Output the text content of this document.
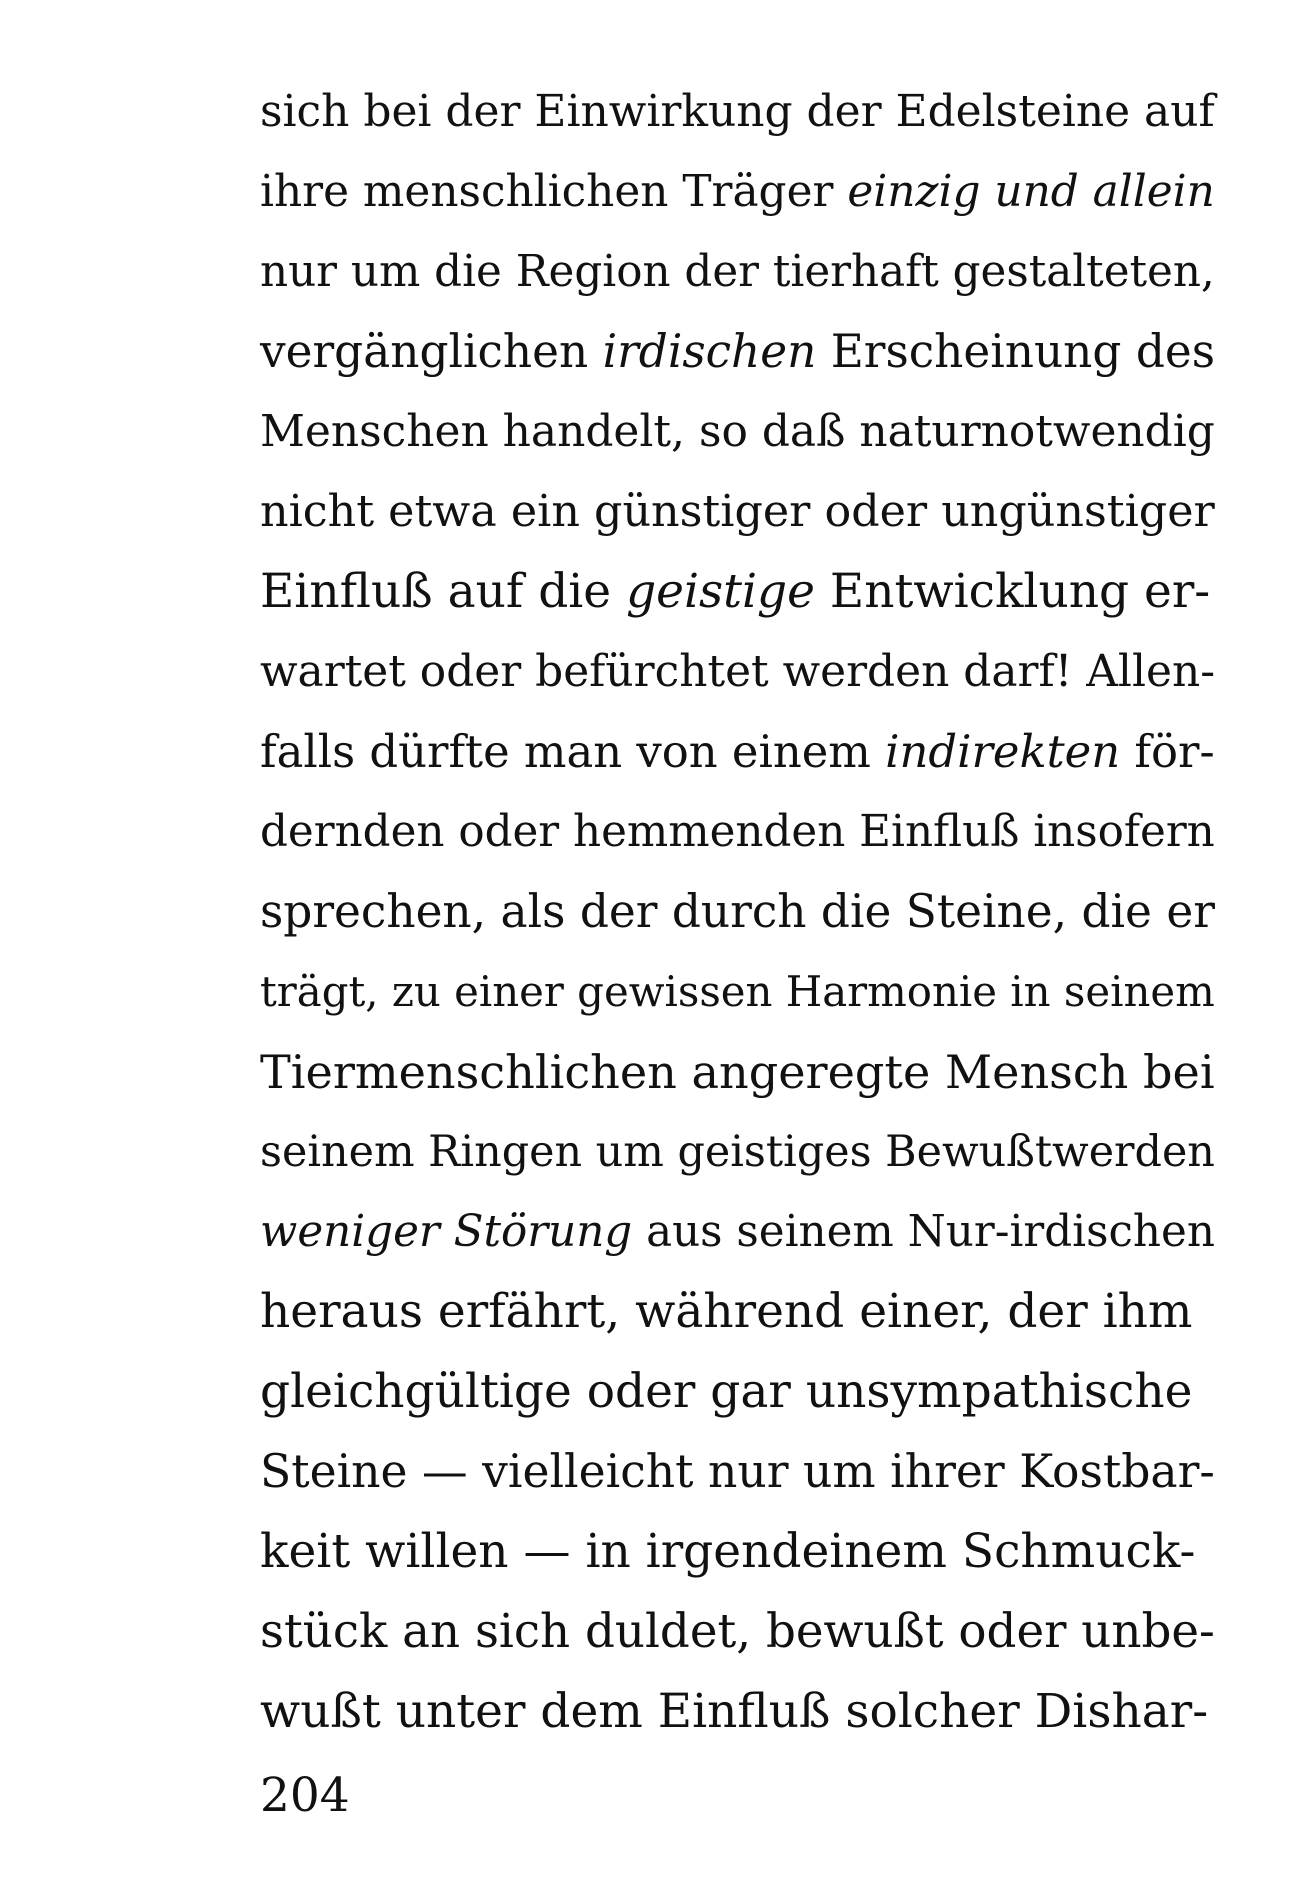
sich bei der Einwirkung der Edelsteine auf
ihre menschlichen Träger einzig und allein
nur um die Region der tierhaft gestalteten,
vergänglichen irdischen Erscheinung des
Menschen handelt, so daß naturnotwendig
nicht etwa ein günstiger oder ungünstiger
Einfluß auf die geistige Entwicklung er-
wartet oder befürchtet werden darf! Allen-
falls dürfte man von einem indirekten för-
dernden oder hemmenden Einfluß insofern
sprechen, als der durch die Steine, die er
trägt, zu einer gewissen Harmonie in seinem
Tiermenschlichen angeregte Mensch bei
seinem Ringen um geistiges Bewußtwerden
weniger Störung aus seinem Nur-irdischen
heraus erfährt, während einer, der ihm
gleichgültige oder gar unsympathische
Steine — vielleicht nur um ihrer Kostbar-
keit willen — in irgendeinem Schmuck-
stück an sich duldet, bewußt oder unbe-
wußt unter dem Einfluß solcher Dishar-
204
